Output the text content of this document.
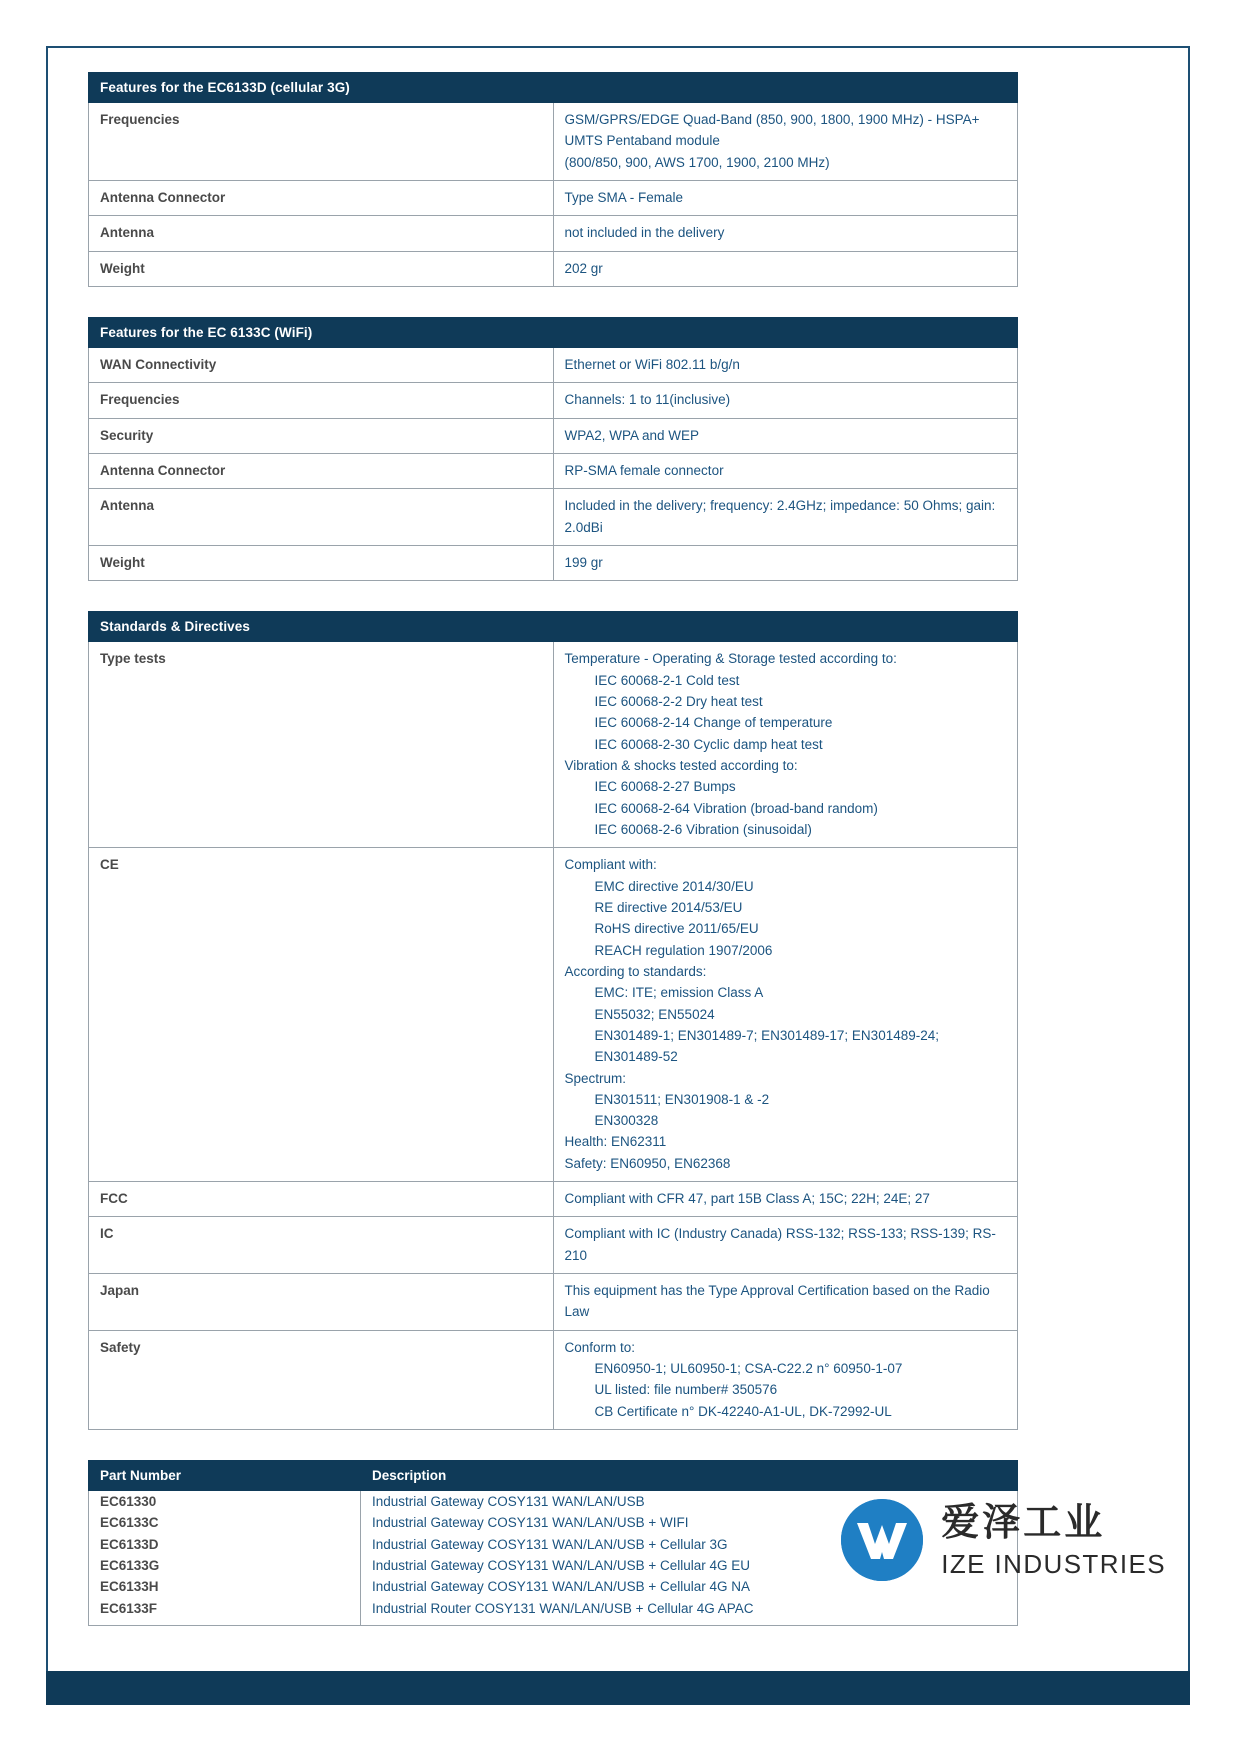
Features for the EC6133D (cellular 3G)	
Frequencies	GSM/GPRS/EDGE Quad-Band (850, 900, 1800, 1900 MHz) - HSPA+ UMTS Pentaband module
(800/850, 900, AWS 1700, 1900, 2100 MHz)

Antenna Connector	Type SMA - Female
Antenna	not included in the delivery
Weight	202 gr
Features for the EC 6133C (WiFi)	
WAN Connectivity	Ethernet or WiFi 802.11 b/g/n
Frequencies	Channels: 1 to 11(inclusive)
Security	WPA2, WPA and WEP
Antenna Connector	RP-SMA female connector
Antenna	Included in the delivery; frequency: 2.4GHz; impedance: 50 Ohms; gain: 2.0dBi
Weight	199 gr
Standards & Directives	
Type tests	Temperature - Operating & Storage tested according to:
IEC 60068-2-1 Cold test
IEC 60068-2-2 Dry heat test
IEC 60068-2-14 Change of temperature
IEC 60068-2-30 Cyclic damp heat test
Vibration & shocks tested according to:
IEC 60068-2-27 Bumps
IEC 60068-2-64 Vibration (broad-band random)
IEC 60068-2-6 Vibration (sinusoidal)

CE	Compliant with:
EMC directive 2014/30/EU
RE directive 2014/53/EU
RoHS directive 2011/65/EU
REACH regulation 1907/2006
According to standards:
EMC: ITE; emission Class A
EN55032; EN55024
EN301489-1; EN301489-7; EN301489-17; EN301489-24; EN301489-52
Spectrum:
EN301511; EN301908-1 & -2
EN300328
Health: EN62311
Safety: EN60950, EN62368

FCC	Compliant with CFR 47, part 15B Class A; 15C; 22H; 24E; 27

IC	Compliant with IC (Industry Canada) RSS-132; RSS-133; RSS-139; RS-210

Japan	This equipment has the Type Approval Certification based on the Radio Law

Safety	Conform to:
EN60950-1; UL60950-1; CSA-C22.2 n° 60950-1-07
UL listed: file number# 350576
CB Certificate n° DK-42240-A1-UL, DK-72992-UL
Part Number	Description
EC61330	Industrial Gateway COSY131 WAN/LAN/USB
EC6133C	Industrial Gateway COSY131 WAN/LAN/USB + WIFI
EC6133D	Industrial Gateway COSY131 WAN/LAN/USB + Cellular 3G
EC6133G	Industrial Gateway COSY131 WAN/LAN/USB + Cellular 4G EU
EC6133H	Industrial Gateway COSY131 WAN/LAN/USB + Cellular 4G NA
EC6133F	Industrial Router COSY131 WAN/LAN/USB + Cellular 4G APAC
爱泽工业
IZE INDUSTRIES
